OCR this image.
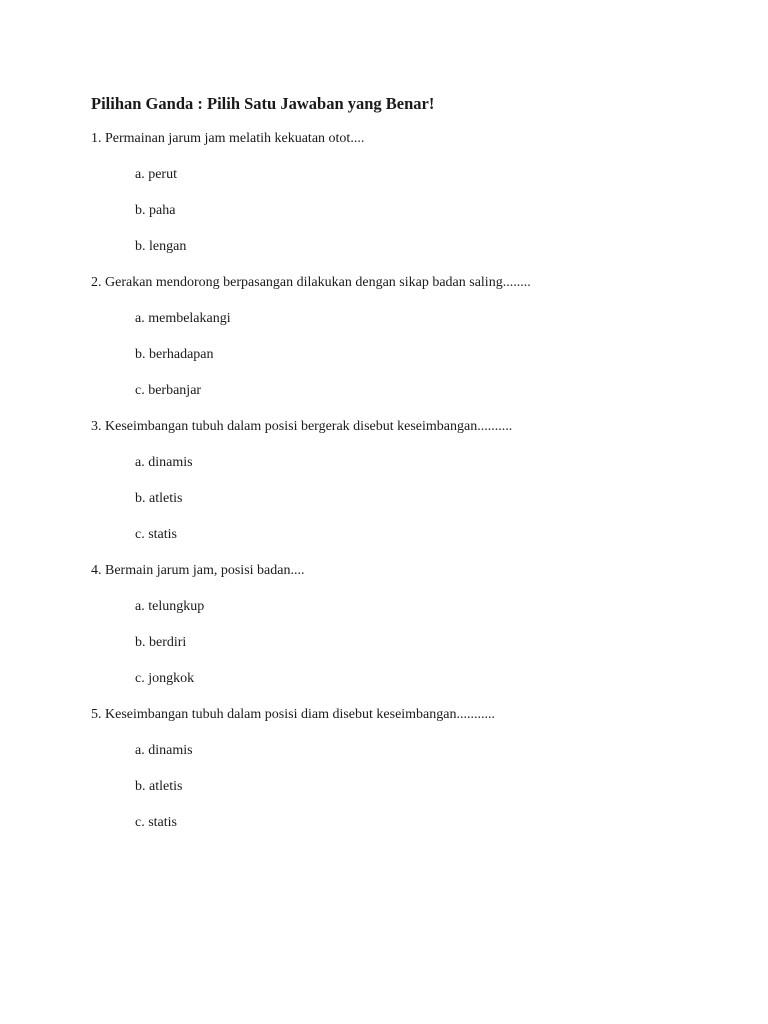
Pilihan Ganda : Pilih Satu Jawaban yang Benar!
1. Permainan jarum jam melatih kekuatan otot....
a. perut
b. paha
b. lengan
2. Gerakan mendorong berpasangan dilakukan dengan sikap badan saling........
a. membelakangi
b. berhadapan
c. berbanjar
3. Keseimbangan tubuh dalam posisi bergerak disebut keseimbangan..........
a. dinamis
b. atletis
c. statis
4. Bermain jarum jam, posisi badan....
a. telungkup
b. berdiri
c. jongkok
5. Keseimbangan tubuh dalam posisi diam disebut keseimbangan...........
a. dinamis
b. atletis
c. statis
